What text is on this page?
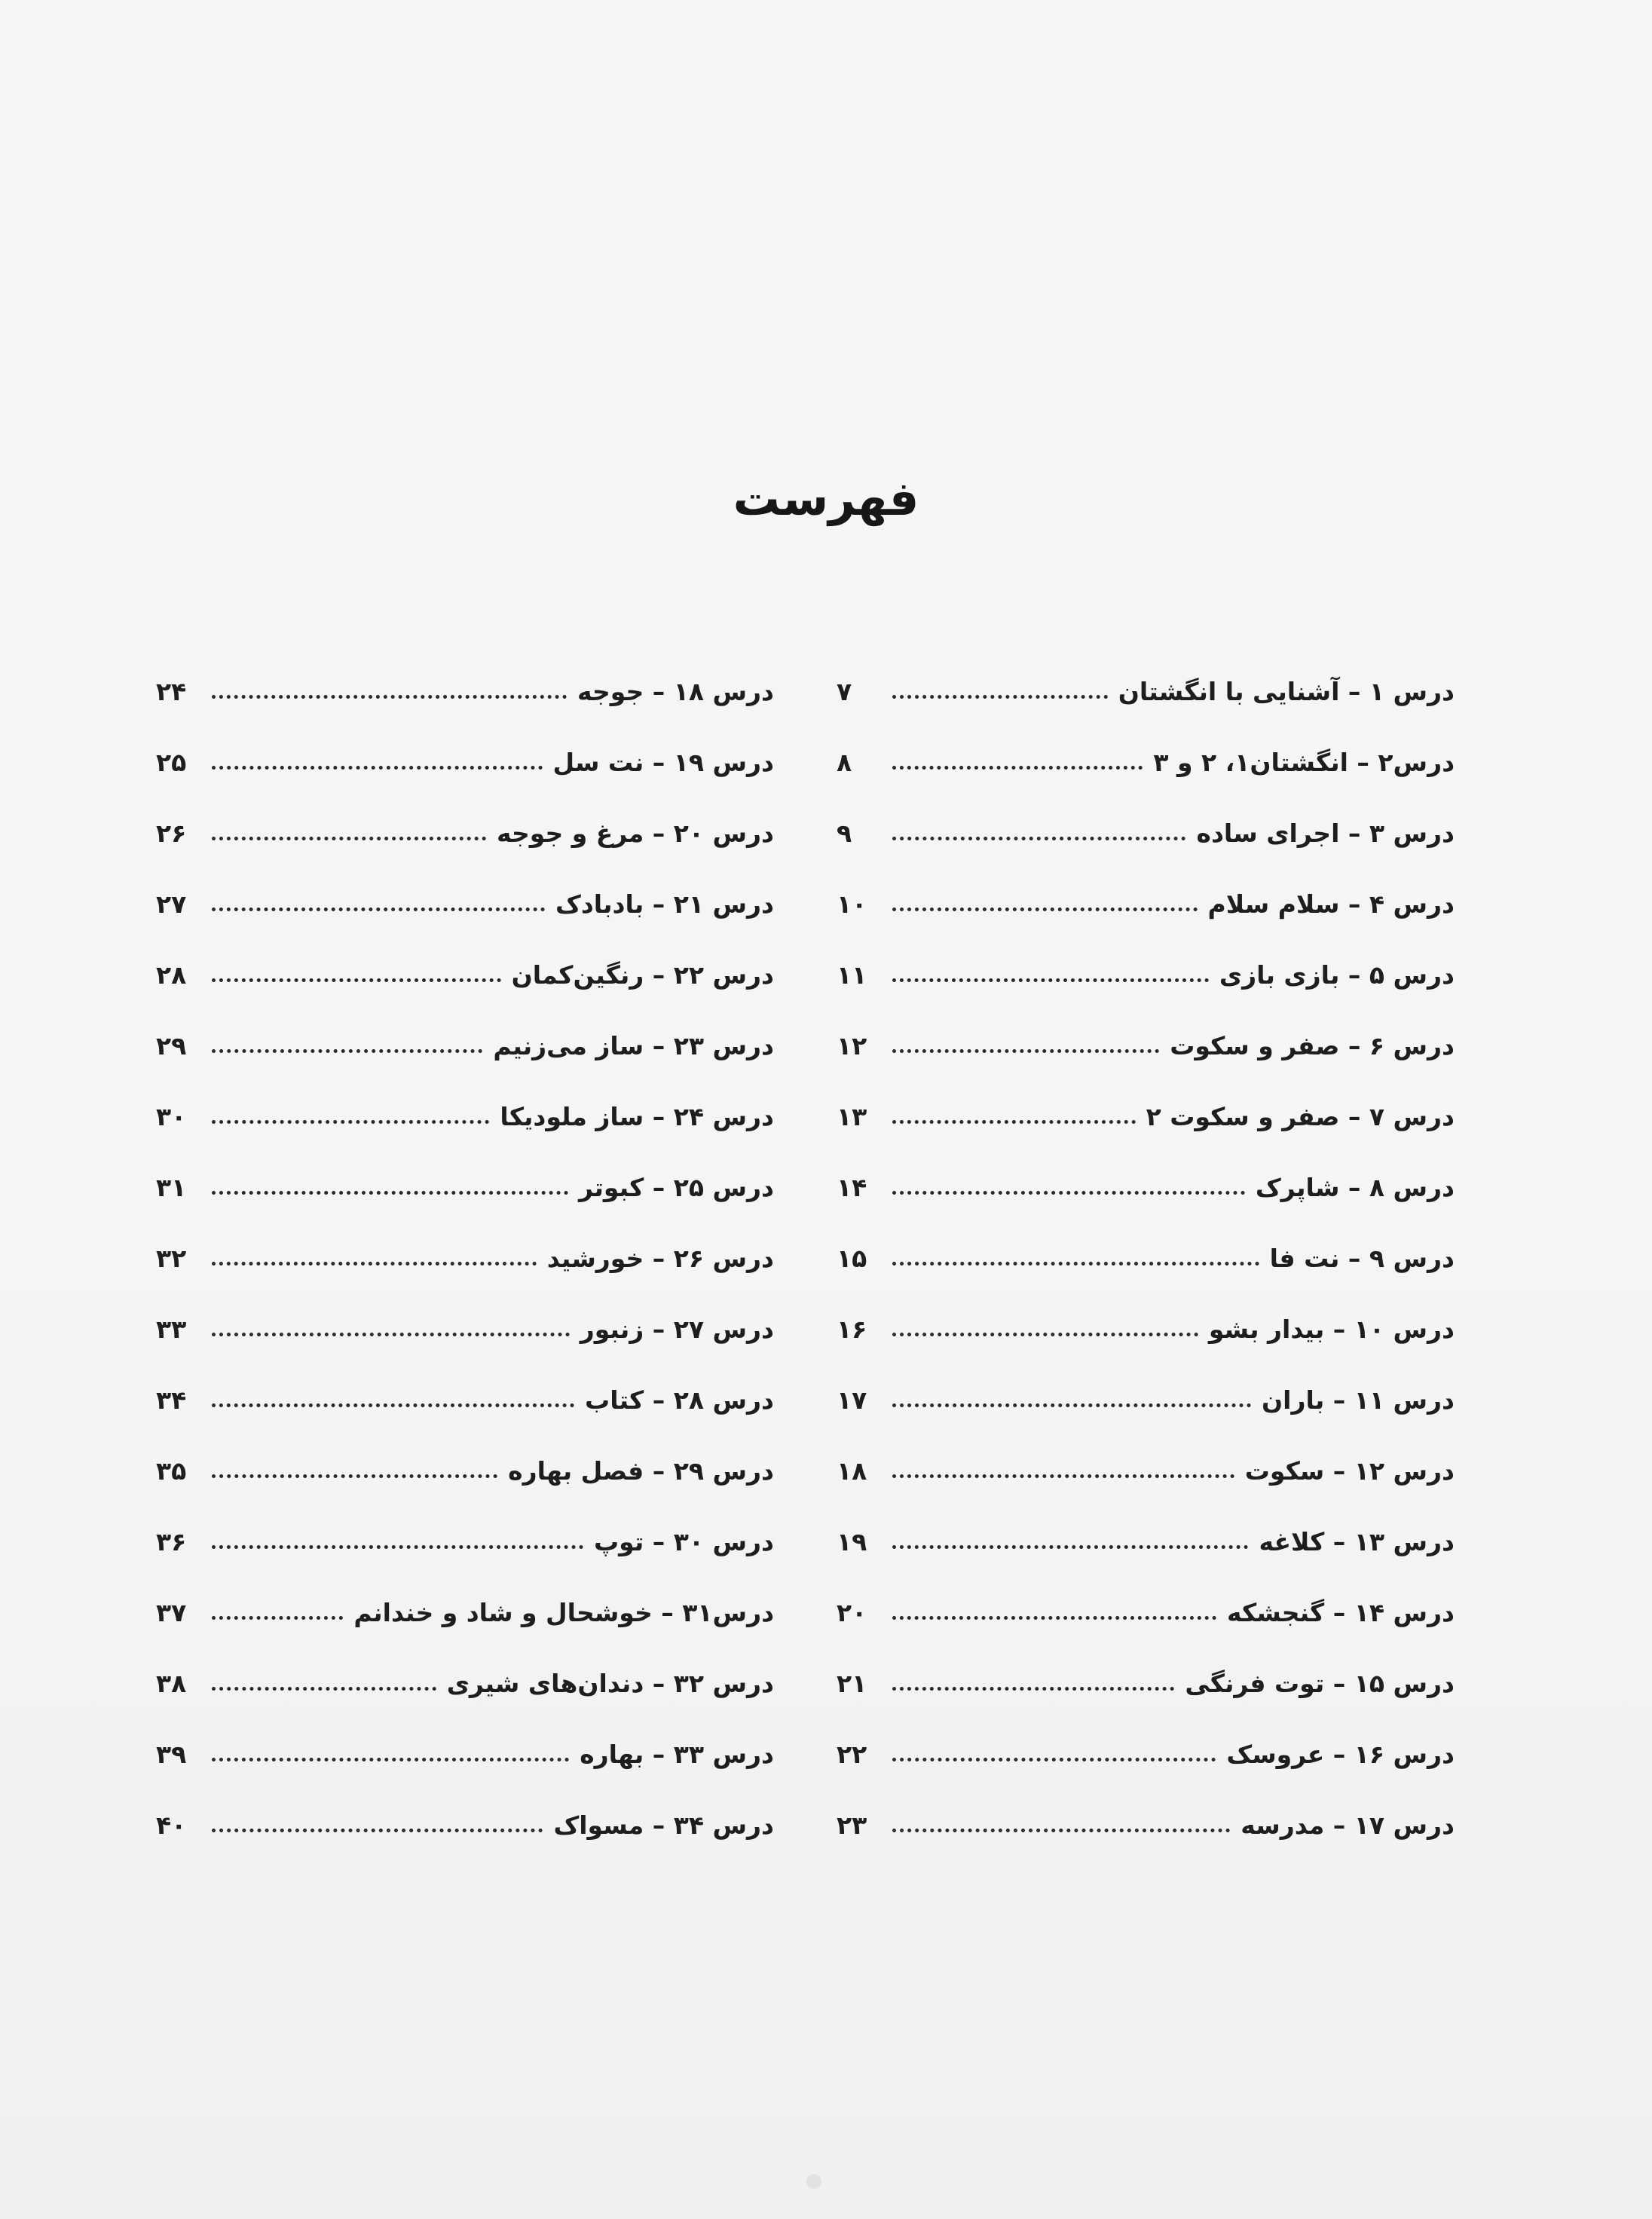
فهرست
درس ۱ – آشنایی با انگشتان
۷
درس۲ – انگشتان۱، ۲ و ۳
۸
درس ۳ – اجرای ساده
۹
درس ۴ – سلام سلام
۱۰
درس ۵ – بازی بازی
۱۱
درس ۶ – صفر و سکوت
۱۲
درس ۷ – صفر و سکوت ۲
۱۳
درس ۸ – شاپرک
۱۴
درس ۹ – نت فا
۱۵
درس ۱۰ – بیدار بشو
۱۶
درس ۱۱ – باران
۱۷
درس ۱۲ – سکوت
۱۸
درس ۱۳ – کلاغه
۱۹
درس ۱۴ – گنجشکه
۲۰
درس ۱۵ – توت فرنگی
۲۱
درس ۱۶ – عروسک
۲۲
درس ۱۷ – مدرسه
۲۳
درس ۱۸ – جوجه
۲۴
درس ۱۹ – نت سل
۲۵
درس ۲۰ – مرغ و جوجه
۲۶
درس ۲۱ – بادبادک
۲۷
درس ۲۲ – رنگین‌کمان
۲۸
درس ۲۳ – ساز می‌زنیم
۲۹
درس ۲۴ – ساز ملودیکا
۳۰
درس ۲۵ – کبوتر
۳۱
درس ۲۶ – خورشید
۳۲
درس ۲۷ – زنبور
۳۳
درس ۲۸ – کتاب
۳۴
درس ۲۹ – فصل بهاره
۳۵
درس ۳۰ – توپ
۳۶
درس۳۱ – خوشحال و شاد و خندانم
۳۷
درس ۳۲ – دندان‌های شیری
۳۸
درس ۳۳ – بهاره
۳۹
درس ۳۴ – مسواک
۴۰
